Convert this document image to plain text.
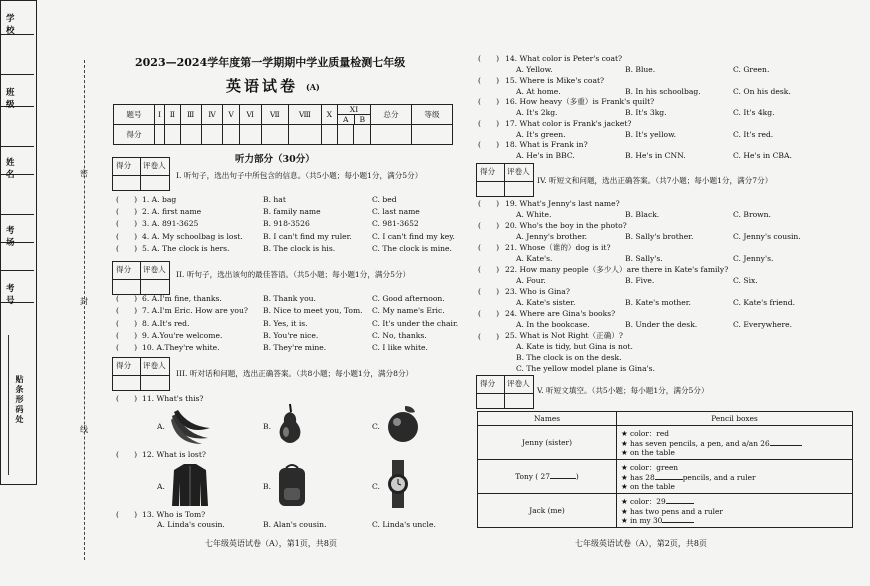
学　　校
班　　级
姓　　名
考　　场
考　　号
贴条形码处
密
封
线
2023—2024学年度第一学期期中学业质量检测七年级
英语试卷 (A)
题号	Ⅰ	Ⅱ	Ⅲ	Ⅳ	Ⅴ	Ⅵ	Ⅶ	Ⅷ	Ⅹ	XI
A B		总分	等级
得分													
得分 评卷人
听力部分（30分）
I. 听句子，选出句子中所包含的信息。（共5小题；每小题1分，满分5分）
(　　) 1. A. bag	B. hat	C. bed
(　　) 2. A. first name	B. family name	C. last name
(　　) 3. A. 891-3625	B. 918-3526	C. 981-3652
(　　) 4. A. My schoolbag is lost.	B. I can't find my ruler.	C. I can't find my key.
(　　) 5. A. The clock is hers.	B. The clock is his.	C. The clock is mine.
得分 评卷人
II. 听句子，选出该句的最佳答语。（共5小题；每小题1分，满分5分）
(　　) 6. A.I'm fine, thanks.	B. Thank you.	C. Good afternoon.
(　　) 7. A.I'm Eric. How are you? B. Nice to meet you, Tom. C. My name's Eric.
(　　) 8. A.It's red.	B. Yes, it is.	C. It's under the chair.
(　　) 9. A.You're welcome.	B. You're nice.	C. No, thanks.
(　　) 10. A.They're white.	B. They're mine.	C. I like white.
得分 评卷人
III. 听对话和问题，选出正确答案。（共8小题；每小题1分，满分8分）
(　　) 11. What's this?
A.	B.	C.
(　　) 12. What is lost?
A.	B.	C.
(　　) 13. Who is Tom?
A. Linda's cousin.	B. Alan's cousin.	C. Linda's uncle.
七年级英语试卷（A），第1页，共8页
(　　) 14. What color is Peter's coat?
A. Yellow.	B. Blue.	C. Green.
(　　) 15. Where is Mike's coat?
A. At home.	B. In his schoolbag.	C. On his desk.
(　　) 16. How heavy（多重）is Frank's quilt?
A. It's 2kg.	B. It's 3kg.	C. It's 4kg.
(　　) 17. What color is Frank's jacket?
A. It's green.	B. It's yellow.	C. It's red.
(　　) 18. What is Frank in?
A. He's in BBC.	B. He's in CNN.	C. He's in CBA.
得分 评卷人
IV. 听短文和问题，选出正确答案。（共7小题；每小题1分，满分7分）
(　　) 19. What's Jenny's last name?
A. White.	B. Black.	C. Brown.
(　　) 20. Who's the boy in the photo?
A. Jenny's brother.	B. Sally's brother.	C. Jenny's cousin.
(　　) 21. Whose（谁的）dog is it?
A. Kate's.	B. Sally's.	C. Jenny's.
(　　) 22. How many people（多少人）are there in Kate's family?
A. Four.	B. Five.	C. Six.
(　　) 23. Who is Gina?
A. Kate's sister.	B. Kate's mother.	C. Kate's friend.
(　　) 24. Where are Gina's books?
A. In the bookcase.	B. Under the desk.	C. Everywhere.
(　　) 25. What is Not Right（正确）?
A. Kate is tidy, but Gina is not.
B. The clock is on the desk.
C. The yellow model plane is Gina's.
得分 评卷人
V. 听短文填空。（共5小题；每小题1分，满分5分）
Names	Pencil boxes
Jenny (sister)	★ color：red
★ has seven pencils, a pen, and a/an 26
★ on the table

Tony ( 27 )	★ color：green
★ has 28 pencils, and a ruler
★ on the table

Jack (me)	★ color：29
★ has two pens and a ruler
★ in my 30
七年级英语试卷（A），第2页，共8页
